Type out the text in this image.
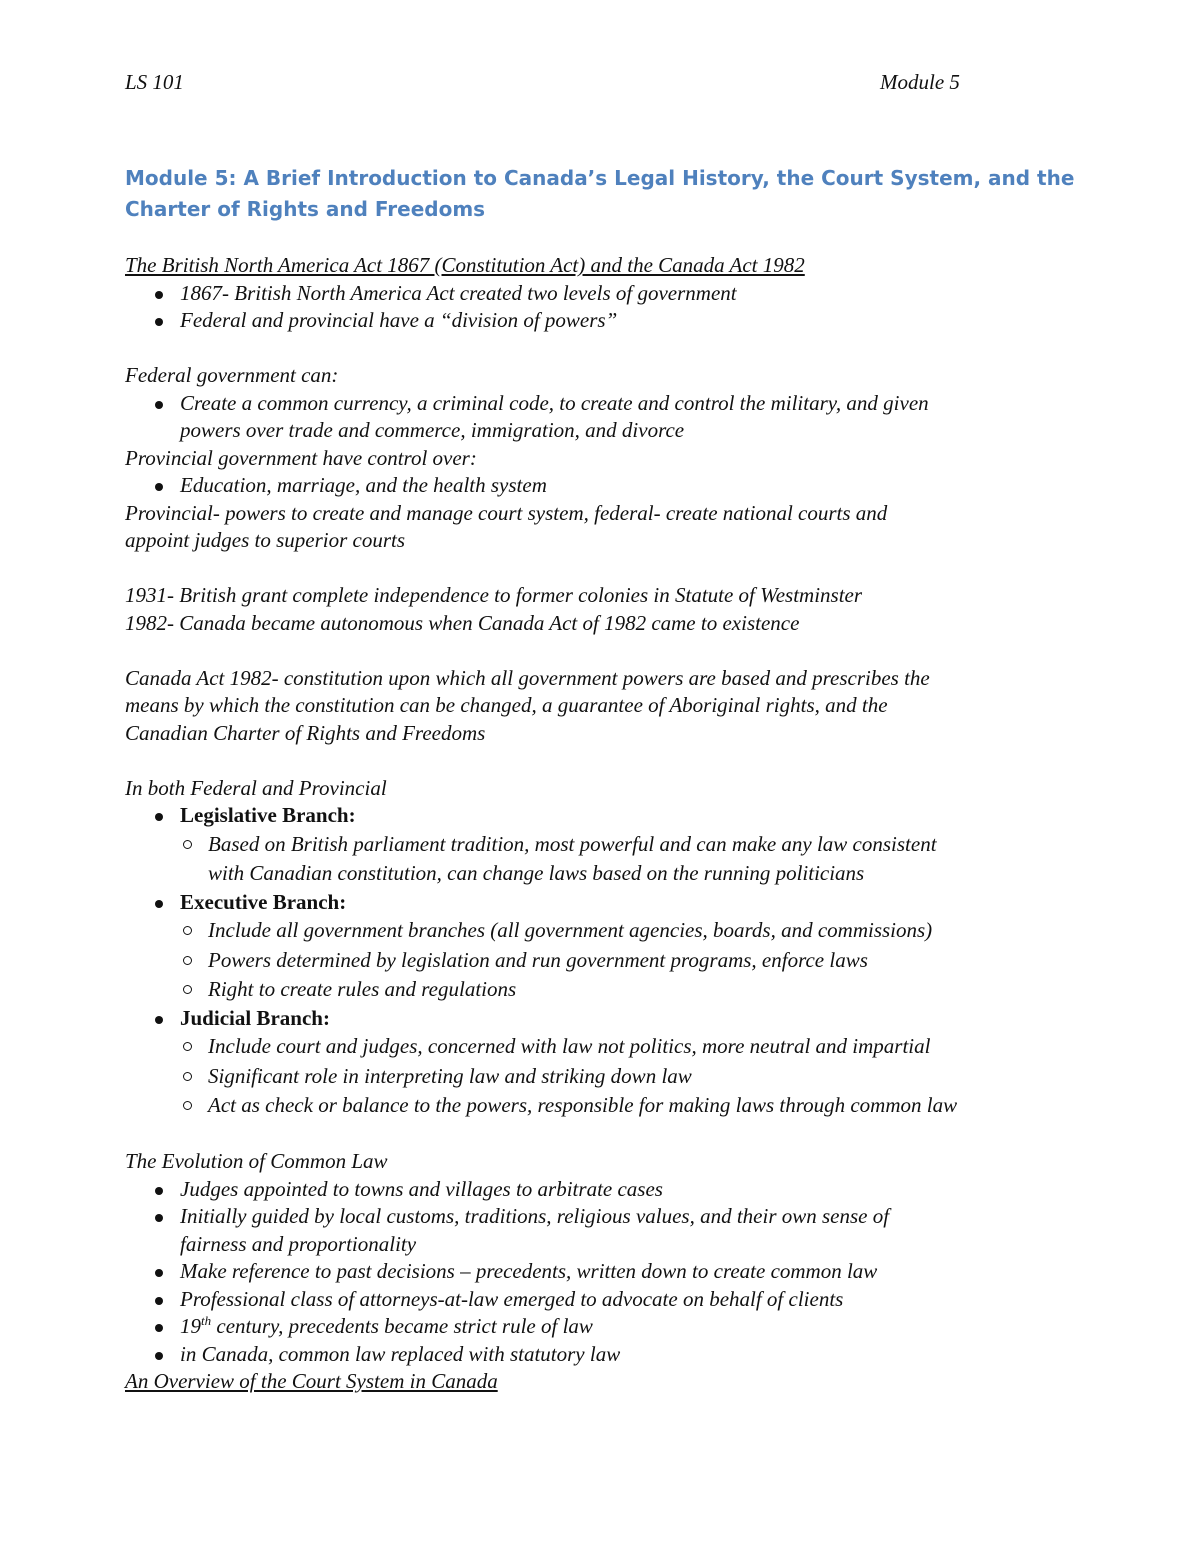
LS 101	Module 5
Module 5: A Brief Introduction to Canada’s Legal History, the Court System, and the
Charter of Rights and Freedoms
The British North America Act 1867 (Constitution Act) and the Canada Act 1982
1867- British North America Act created two levels of government
Federal and provincial have a “division of powers”
Federal government can:
Create a common currency, a criminal code, to create and control the military, and given
powers over trade and commerce, immigration, and divorce
Provincial government have control over:
Education, marriage, and the health system
Provincial- powers to create and manage court system, federal- create national courts and
appoint judges to superior courts
1931- British grant complete independence to former colonies in Statute of Westminster
1982- Canada became autonomous when Canada Act of 1982 came to existence
Canada Act 1982- constitution upon which all government powers are based and prescribes the
means by which the constitution can be changed, a guarantee of Aboriginal rights, and the
Canadian Charter of Rights and Freedoms
In both Federal and Provincial
Legislative Branch:
Based on British parliament tradition, most powerful and can make any law consistent
with Canadian constitution, can change laws based on the running politicians
Executive Branch:
Include all government branches (all government agencies, boards, and commissions)
Powers determined by legislation and run government programs, enforce laws
Right to create rules and regulations
Judicial Branch:
Include court and judges, concerned with law not politics, more neutral and impartial
Significant role in interpreting law and striking down law
Act as check or balance to the powers, responsible for making laws through common law
The Evolution of Common Law
Judges appointed to towns and villages to arbitrate cases
Initially guided by local customs, traditions, religious values, and their own sense of
fairness and proportionality
Make reference to past decisions – precedents, written down to create common law
Professional class of attorneys-at-law emerged to advocate on behalf of clients
19th century, precedents became strict rule of law
in Canada, common law replaced with statutory law
An Overview of the Court System in Canada
